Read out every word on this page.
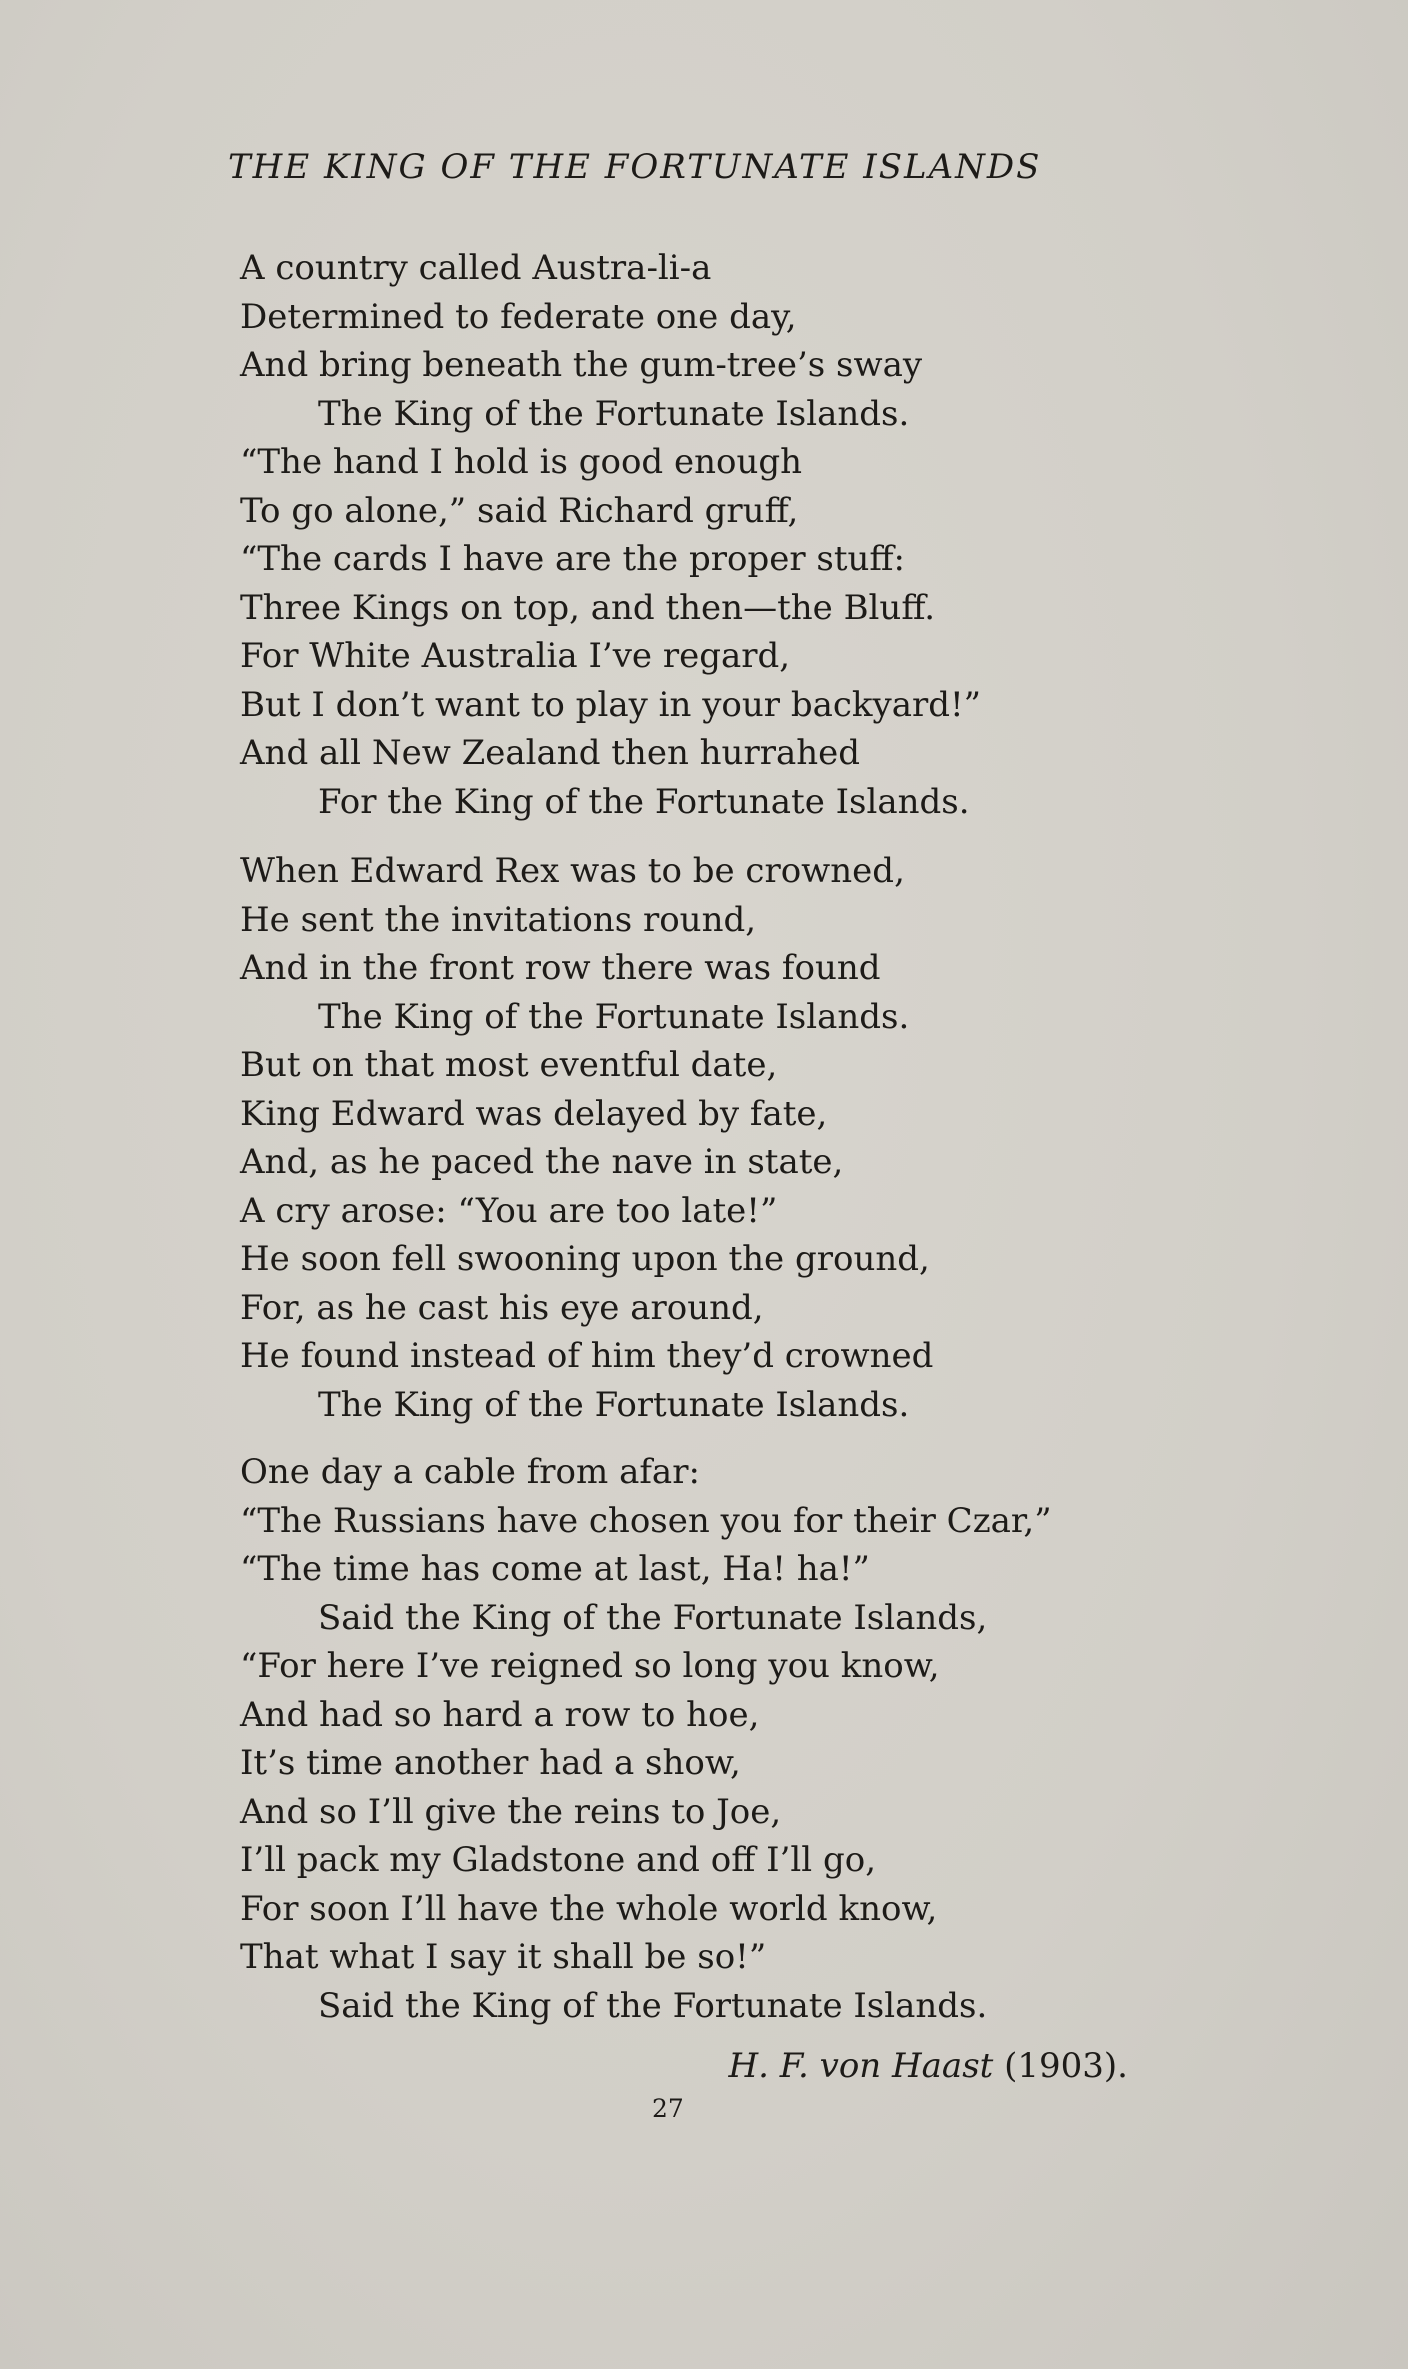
THE KING OF THE FORTUNATE ISLANDS
A country called Austra-li-a
Determined to federate one day,
And bring beneath the gum-tree’s sway
The King of the Fortunate Islands.
“The hand I hold is good enough
To go alone,” said Richard gruff,
“The cards I have are the proper stuff:
Three Kings on top, and then—the Bluff.
For White Australia I’ve regard,
But I don’t want to play in your backyard!”
And all New Zealand then hurrahed
For the King of the Fortunate Islands.
When Edward Rex was to be crowned,
He sent the invitations round,
And in the front row there was found
The King of the Fortunate Islands.
But on that most eventful date,
King Edward was delayed by fate,
And, as he paced the nave in state,
A cry arose: “You are too late!”
He soon fell swooning upon the ground,
For, as he cast his eye around,
He found instead of him they’d crowned
The King of the Fortunate Islands.
One day a cable from afar:
“The Russians have chosen you for their Czar,”
“The time has come at last, Ha! ha!”
Said the King of the Fortunate Islands,
“For here I’ve reigned so long you know,
And had so hard a row to hoe,
It’s time another had a show,
And so I’ll give the reins to Joe,
I’ll pack my Gladstone and off I’ll go,
For soon I’ll have the whole world know,
That what I say it shall be so!”
Said the King of the Fortunate Islands.
H. F. von Haast (1903).
27
